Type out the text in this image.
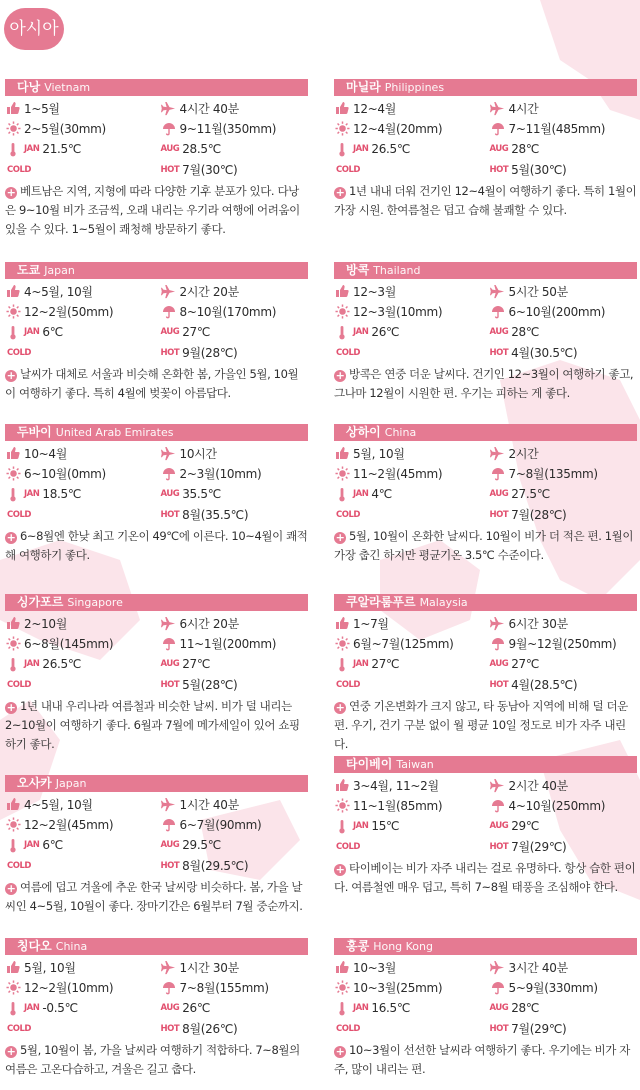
아시아
다낭 Vietnam
1~5월	4시간 40분
2~5월(30mm)	9~11월(350mm)
JAN 21.5℃	AUG 28.5℃
COLD	HOT 7월(30℃)
+ 베트남은 지역, 지형에 따라 다양한 기후 분포가 있다. 다낭은 9~10월 비가 조금씩, 오래 내리는 우기라 여행에 어려움이 있을 수 있다. 1~5월이 쾌청해 방문하기 좋다.
마닐라 Philippines
12~4월	4시간
12~4월(20mm)	7~11월(485mm)
JAN 26.5℃	AUG 28℃
COLD	HOT 5월(30℃)
+ 1년 내내 더워 건기인 12~4월이 여행하기 좋다. 특히 1월이 가장 시원. 한여름철은 덥고 습해 불쾌할 수 있다.
도쿄 Japan
4~5월, 10월	2시간 20분
12~2월(50mm)	8~10월(170mm)
JAN 6℃	AUG 27℃
COLD	HOT 9월(28℃)
+ 날씨가 대체로 서울과 비슷해 온화한 봄, 가을인 5월, 10월이 여행하기 좋다. 특히 4월에 벚꽃이 아름답다.
방콕 Thailand
12~3월	5시간 50분
12~3월(10mm)	6~10월(200mm)
JAN 26℃	AUG 28℃
COLD	HOT 4월(30.5℃)
+ 방콕은 연중 더운 날씨다. 건기인 12~3월이 여행하기 좋고, 그나마 12월이 시원한 편. 우기는 피하는 게 좋다.
두바이 United Arab Emirates
10~4월	10시간
6~10월(0mm)	2~3월(10mm)
JAN 18.5℃	AUG 35.5℃
COLD	HOT 8월(35.5℃)
+ 6~8월엔 한낮 최고 기온이 49℃에 이른다. 10~4월이 쾌적해 여행하기 좋다.
상하이 China
5월, 10월	2시간
11~2월(45mm)	7~8월(135mm)
JAN 4℃	AUG 27.5℃
COLD	HOT 7월(28℃)
+ 5월, 10월이 온화한 날씨다. 10월이 비가 더 적은 편. 1월이 가장 춥긴 하지만 평균기온 3.5℃ 수준이다.
싱가포르 Singapore
2~10월	6시간 20분
6~8월(145mm)	11~1월(200mm)
JAN 26.5℃	AUG 27℃
COLD	HOT 5월(28℃)
+ 1년 내내 우리나라 여름철과 비슷한 날씨. 비가 덜 내리는 2~10월이 여행하기 좋다. 6월과 7월에 메가세일이 있어 쇼핑하기 좋다.
쿠알라룸푸르 Malaysia
1~7월	6시간 30분
6월~7월(125mm)	9월~12월(250mm)
JAN 27℃	AUG 27℃
COLD	HOT 4월(28.5℃)
+ 연중 기온변화가 크지 않고, 타 동남아 지역에 비해 덜 더운 편. 우기, 건기 구분 없이 월 평균 10일 정도로 비가 자주 내린다.
오사카 Japan
4~5월, 10월	1시간 40분
12~2월(45mm)	6~7월(90mm)
JAN 6℃	AUG 29.5℃
COLD	HOT 8월(29.5℃)
+ 여름에 덥고 겨울에 추운 한국 날씨랑 비슷하다. 봄, 가을 날씨인 4~5월, 10월이 좋다. 장마기간은 6월부터 7월 중순까지.
타이베이 Taiwan
3~4월, 11~2월	2시간 40분
11~1월(85mm)	4~10월(250mm)
JAN 15℃	AUG 29℃
COLD	HOT 7월(29℃)
+ 타이베이는 비가 자주 내리는 걸로 유명하다. 항상 습한 편이다. 여름철엔 매우 덥고, 특히 7~8월 태풍을 조심해야 한다.
칭다오 China
5월, 10월	1시간 30분
12~2월(10mm)	7~8월(155mm)
JAN -0.5℃	AUG 26℃
COLD	HOT 8월(26℃)
+ 5월, 10월이 봄, 가을 날씨라 여행하기 적합하다. 7~8월의 여름은 고온다습하고, 겨울은 길고 춥다.
홍콩 Hong Kong
10~3월	3시간 40분
10~3월(25mm)	5~9월(330mm)
JAN 16.5℃	AUG 28℃
COLD	HOT 7월(29℃)
+ 10~3월이 선선한 날씨라 여행하기 좋다. 우기에는 비가 자주, 많이 내리는 편.
